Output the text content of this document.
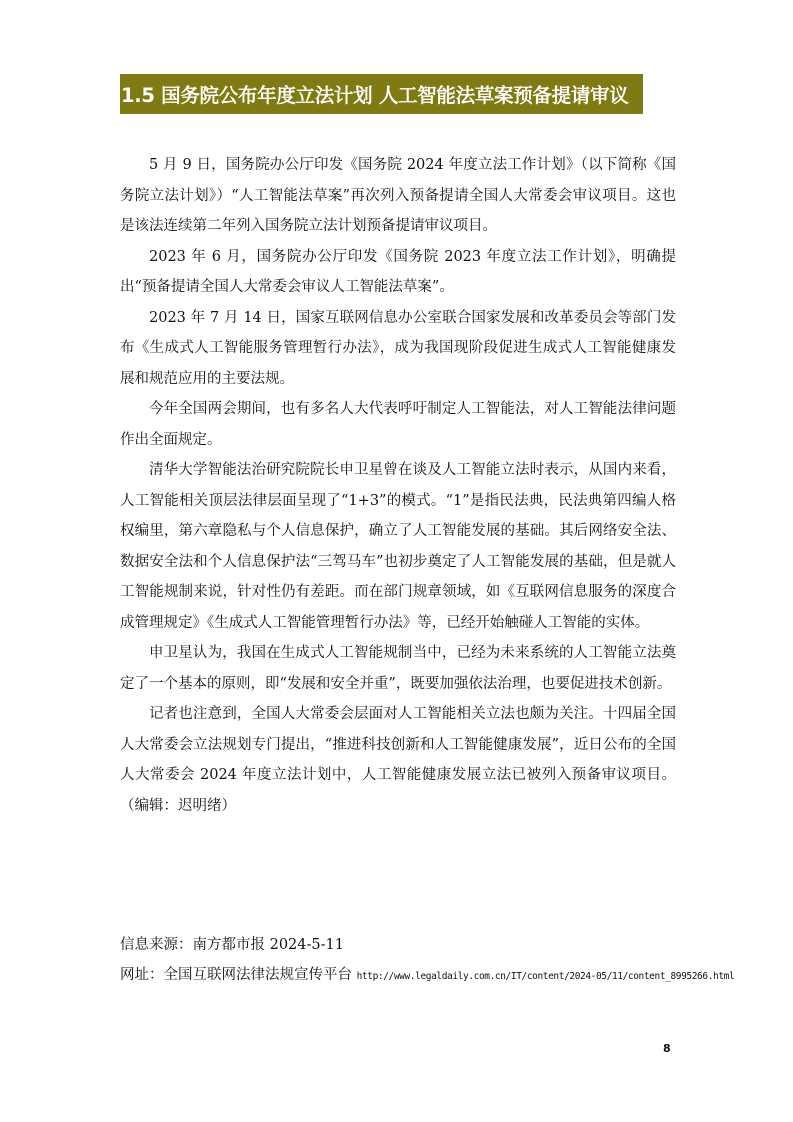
1.5 国务院公布年度立法计划 人工智能法草案预备提请审议

5 月 9 日，国务院办公厅印发《国务院 2024 年度立法工作计划》（以下简称《国务院立法计划》）“人工智能法草案”再次列入预备提请全国人大常委会审议项目。这也是该法连续第二年列入国务院立法计划预备提请审议项目。

2023 年 6 月，国务院办公厅印发《国务院 2023 年度立法工作计划》，明确提出“预备提请全国人大常委会审议人工智能法草案”。

2023 年 7 月 14 日，国家互联网信息办公室联合国家发展和改革委员会等部门发布《生成式人工智能服务管理暂行办法》，成为我国现阶段促进生成式人工智能健康发展和规范应用的主要法规。

今年全国两会期间，也有多名人大代表呼吁制定人工智能法，对人工智能法律问题作出全面规定。

清华大学智能法治研究院院长申卫星曾在谈及人工智能立法时表示，从国内来看，人工智能相关顶层法律层面呈现了“1+3”的模式。“1”是指民法典，民法典第四编人格权编里，第六章隐私与个人信息保护，确立了人工智能发展的基础。其后网络安全法、数据安全法和个人信息保护法“三驾马车”也初步奠定了人工智能发展的基础，但是就人工智能规制来说，针对性仍有差距。而在部门规章领域，如《互联网信息服务的深度合成管理规定》《生成式人工智能管理暂行办法》等，已经开始触碰人工智能的实体。

申卫星认为，我国在生成式人工智能规制当中，已经为未来系统的人工智能立法奠定了一个基本的原则，即“发展和安全并重”，既要加强依法治理，也要促进技术创新。

记者也注意到，全国人大常委会层面对人工智能相关立法也颇为关注。十四届全国人大常委会立法规划专门提出，“推进科技创新和人工智能健康发展”，近日公布的全国人大常委会 2024 年度立法计划中，人工智能健康发展立法已被列入预备审议项目。（编辑：迟明绪）

信息来源：南方都市报 2024-5-11
网址：全国互联网法律法规宣传平台 http://www.legaldaily.com.cn/IT/content/2024-05/11/content_8995266.html
8
